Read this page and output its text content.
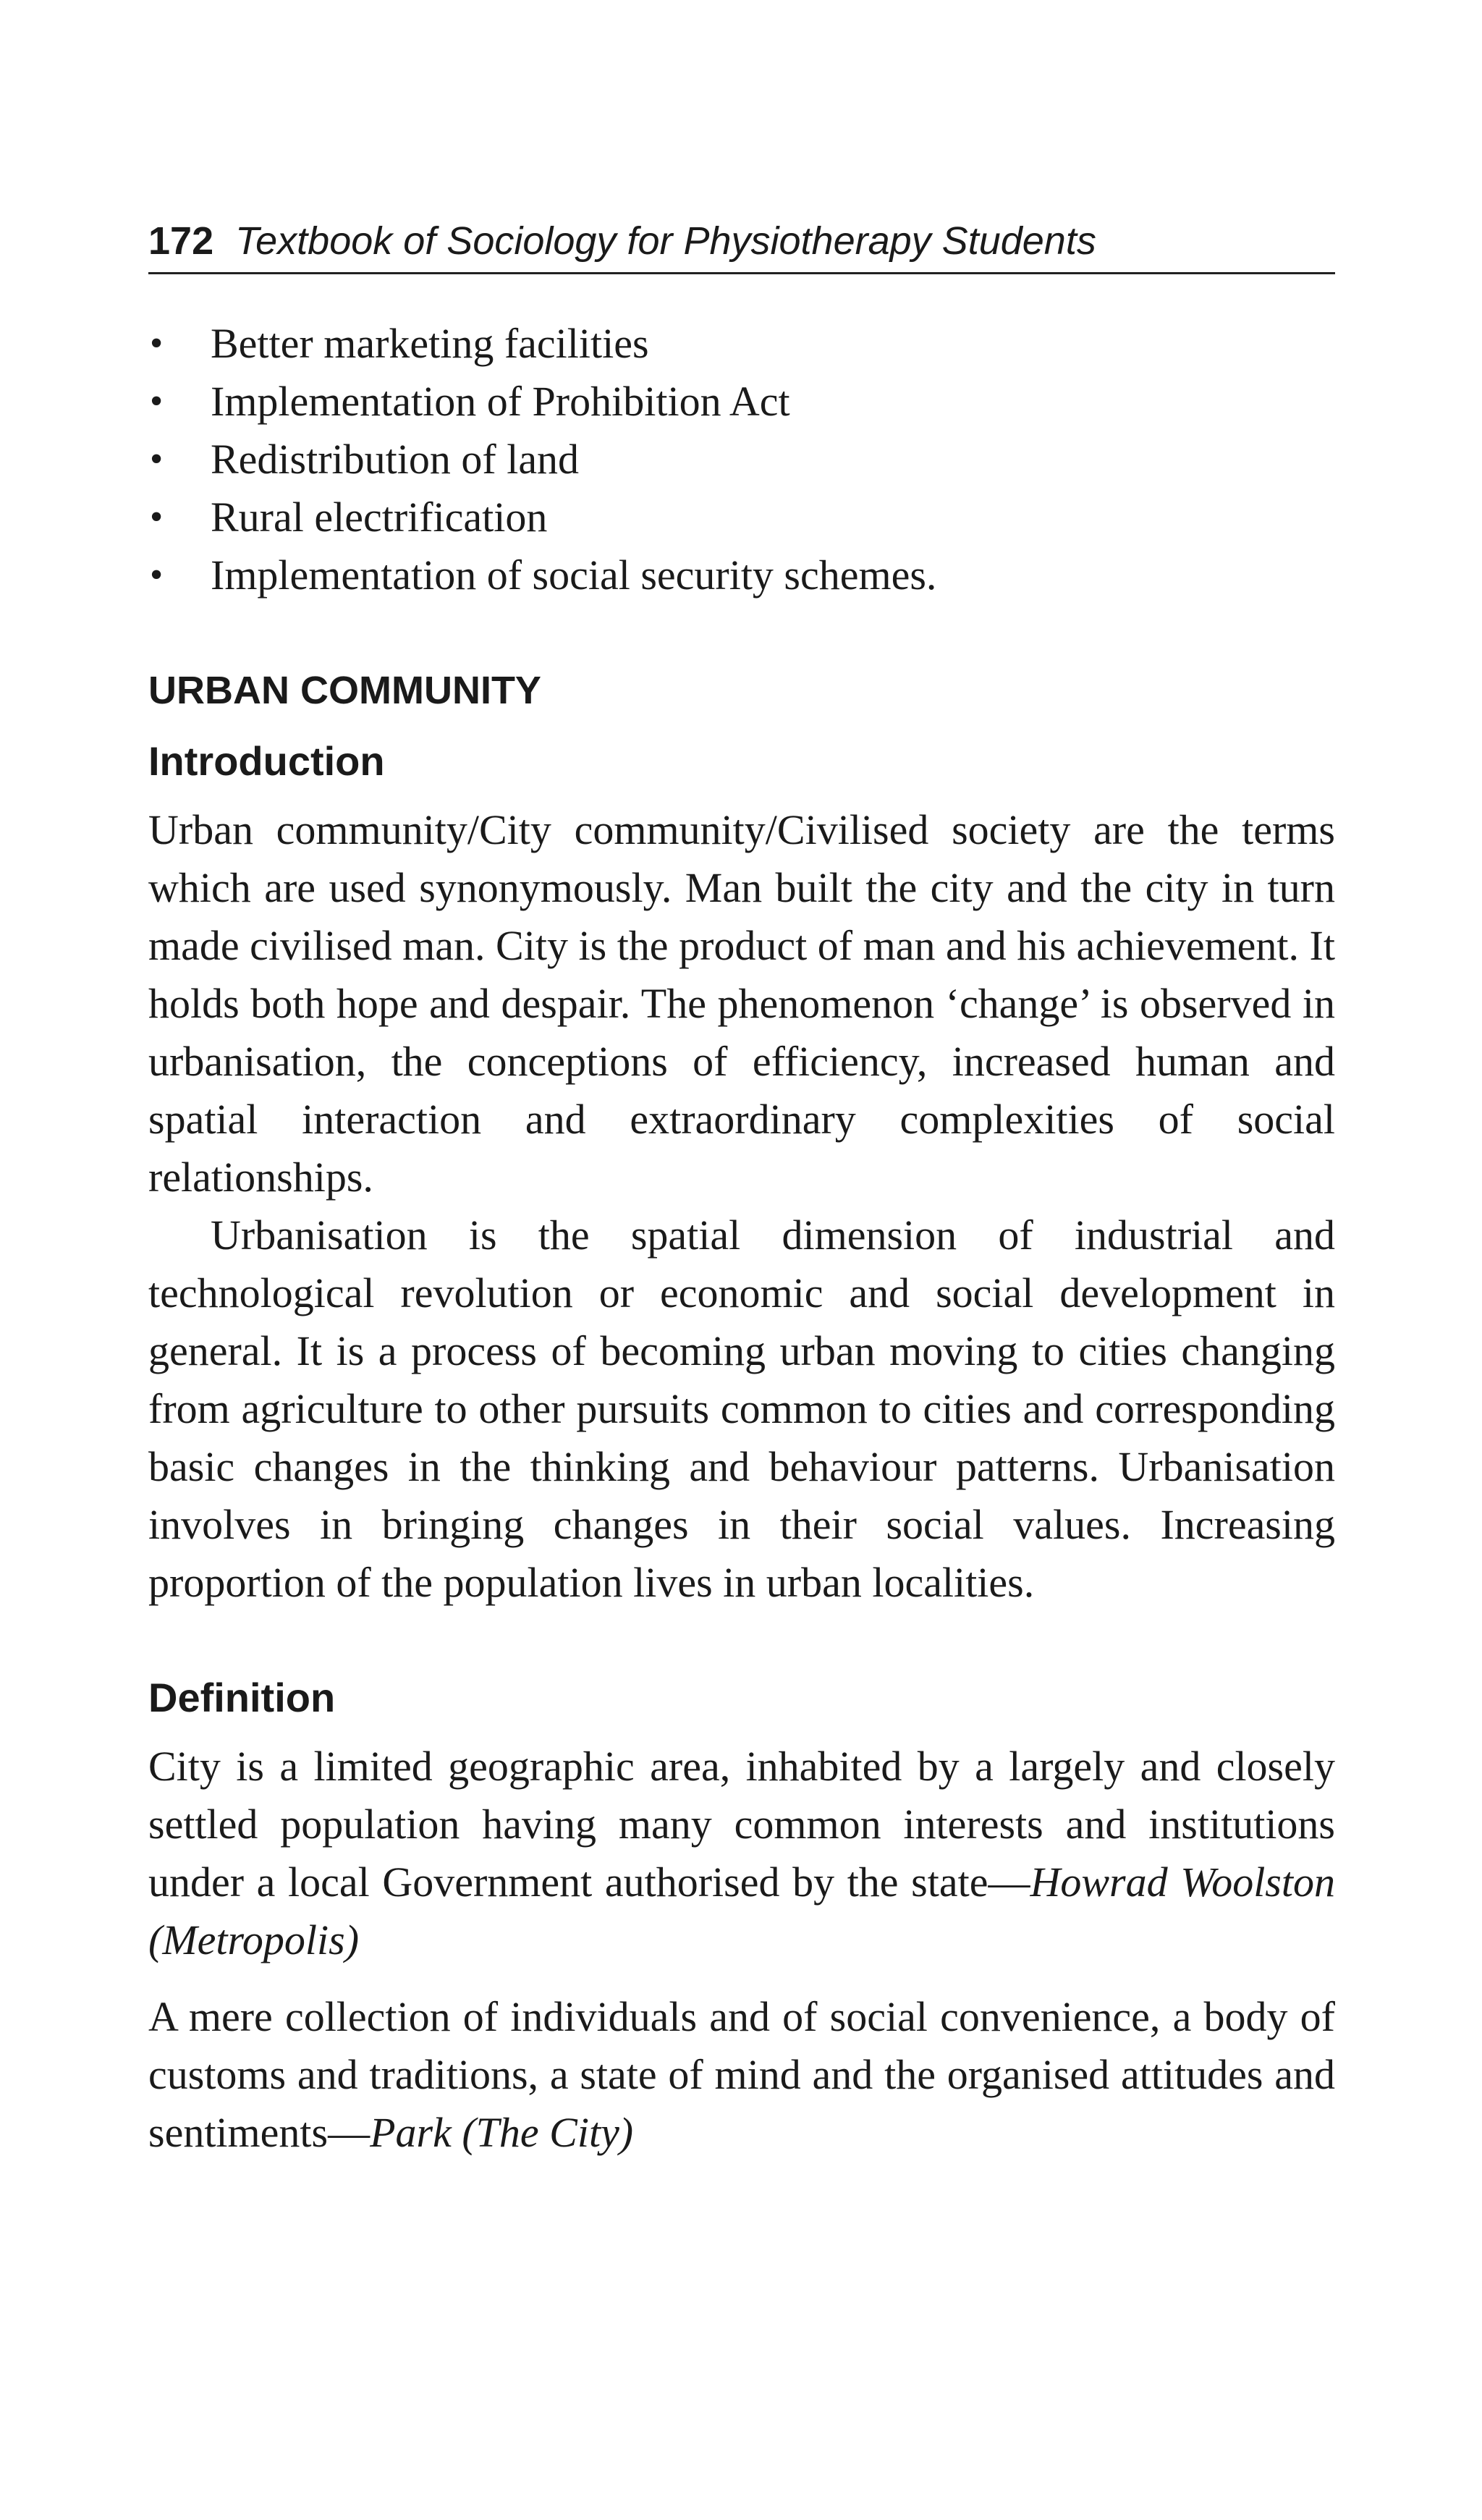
172 Textbook of Sociology for Physiotherapy Students
• Better marketing facilities
• Implementation of Prohibition Act
• Redistribution of land
• Rural electrification
• Implementation of social security schemes.
URBAN COMMUNITY
Introduction

Urban community/City community/Civilised society are the terms which are used synonymously. Man built the city and the city in turn made civilised man. City is the product of man and his achievement. It holds both hope and despair. The phenomenon ‘change’ is observed in urbanisation, the conceptions of efficiency, increased human and spatial interaction and extraordinary complexities of social relationships.

Urbanisation is the spatial dimension of industrial and technological revolution or economic and social development in general. It is a process of becoming urban moving to cities changing from agriculture to other pursuits common to cities and corresponding basic changes in the thinking and behaviour patterns. Urbanisation involves in bringing changes in their social values. Increasing proportion of the population lives in urban localities.

Definition

City is a limited geographic area, inhabited by a largely and closely settled population having many common interests and institutions under a local Government authorised by the state—Howrad Woolston (Metropolis)

A mere collection of individuals and of social convenience, a body of customs and traditions, a state of mind and the organised attitudes and sentiments—Park (The City)
